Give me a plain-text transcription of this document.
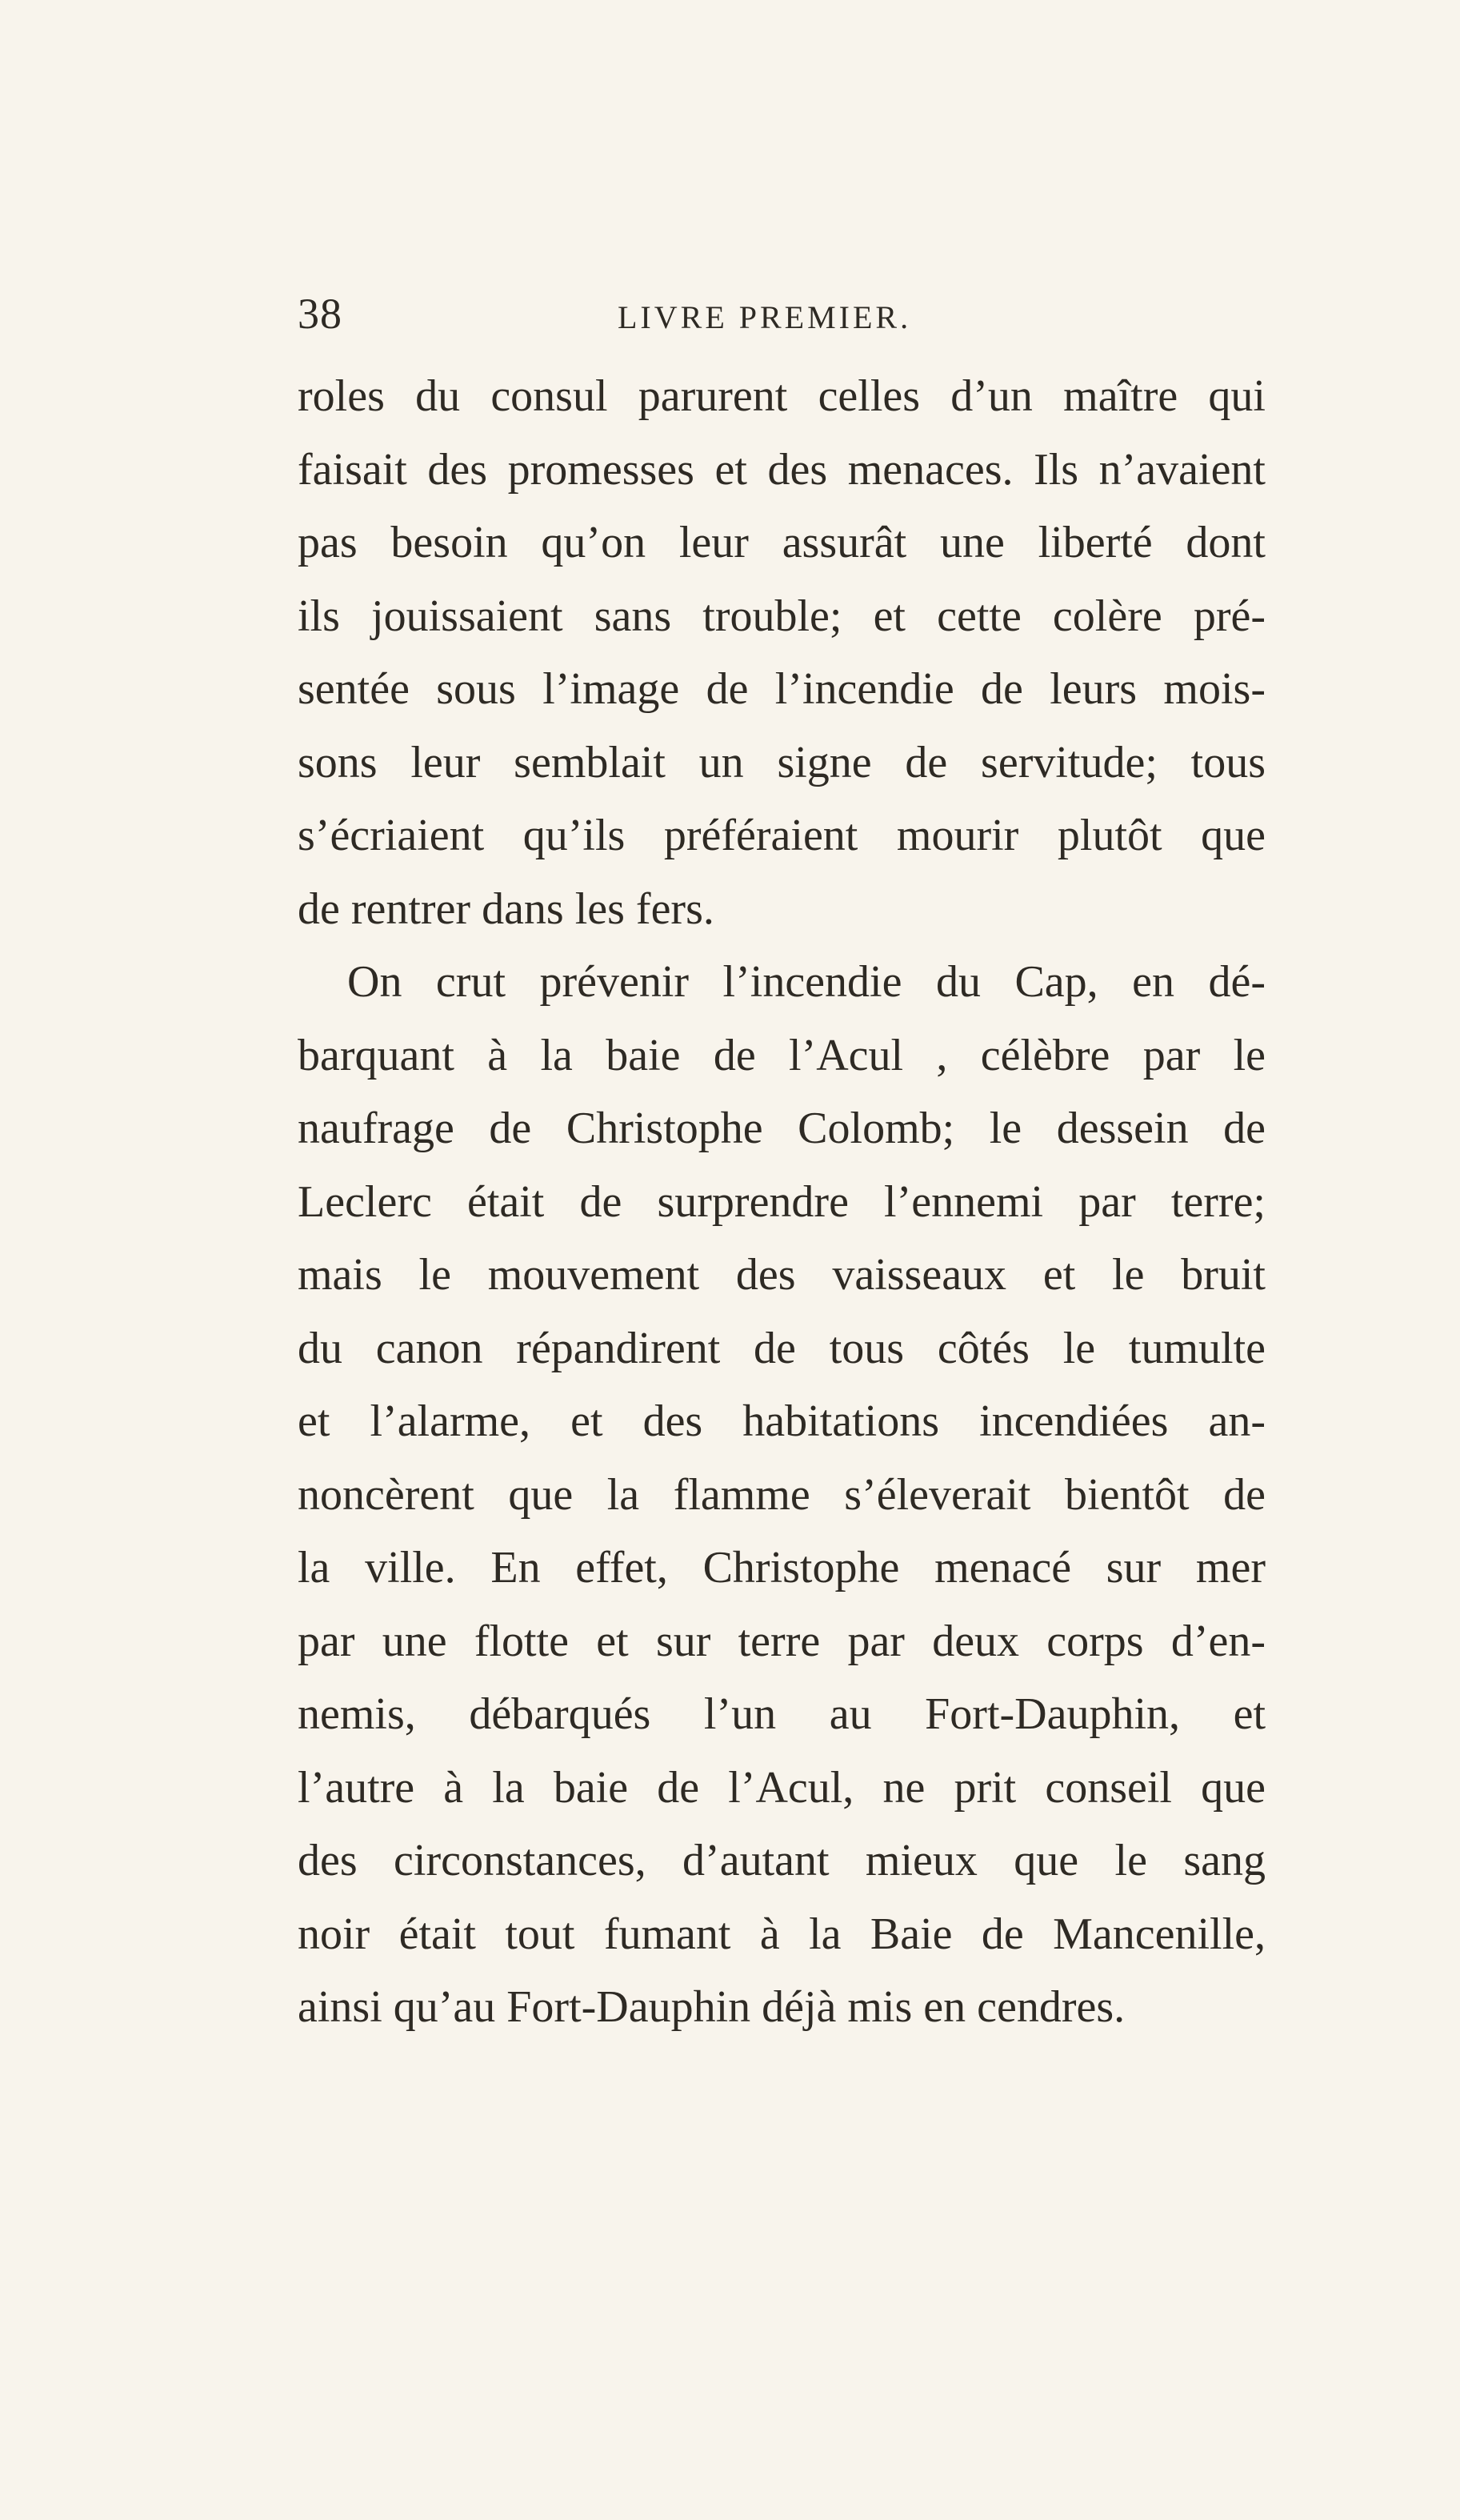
38	LIVRE PREMIER.
roles du consul parurent celles d’un maître qui
faisait des promesses et des menaces. Ils n’avaient
pas besoin qu’on leur assurât une liberté dont
ils jouissaient sans trouble; et cette colère pré-
sentée sous l’image de l’incendie de leurs mois-
sons leur semblait un signe de servitude; tous
s’écriaient qu’ils préféraient mourir plutôt que
de rentrer dans les fers.
On crut prévenir l’incendie du Cap, en dé-
barquant à la baie de l’Acul , célèbre par le
naufrage de Christophe Colomb; le dessein de
Leclerc était de surprendre l’ennemi par terre;
mais le mouvement des vaisseaux et le bruit
du canon répandirent de tous côtés le tumulte
et l’alarme, et des habitations incendiées an-
noncèrent que la flamme s’éleverait bientôt de
la ville. En effet, Christophe menacé sur mer
par une flotte et sur terre par deux corps d’en-
nemis, débarqués l’un au Fort-Dauphin, et
l’autre à la baie de l’Acul, ne prit conseil que
des circonstances, d’autant mieux que le sang
noir était tout fumant à la Baie de Mancenille,
ainsi qu’au Fort-Dauphin déjà mis en cendres.
